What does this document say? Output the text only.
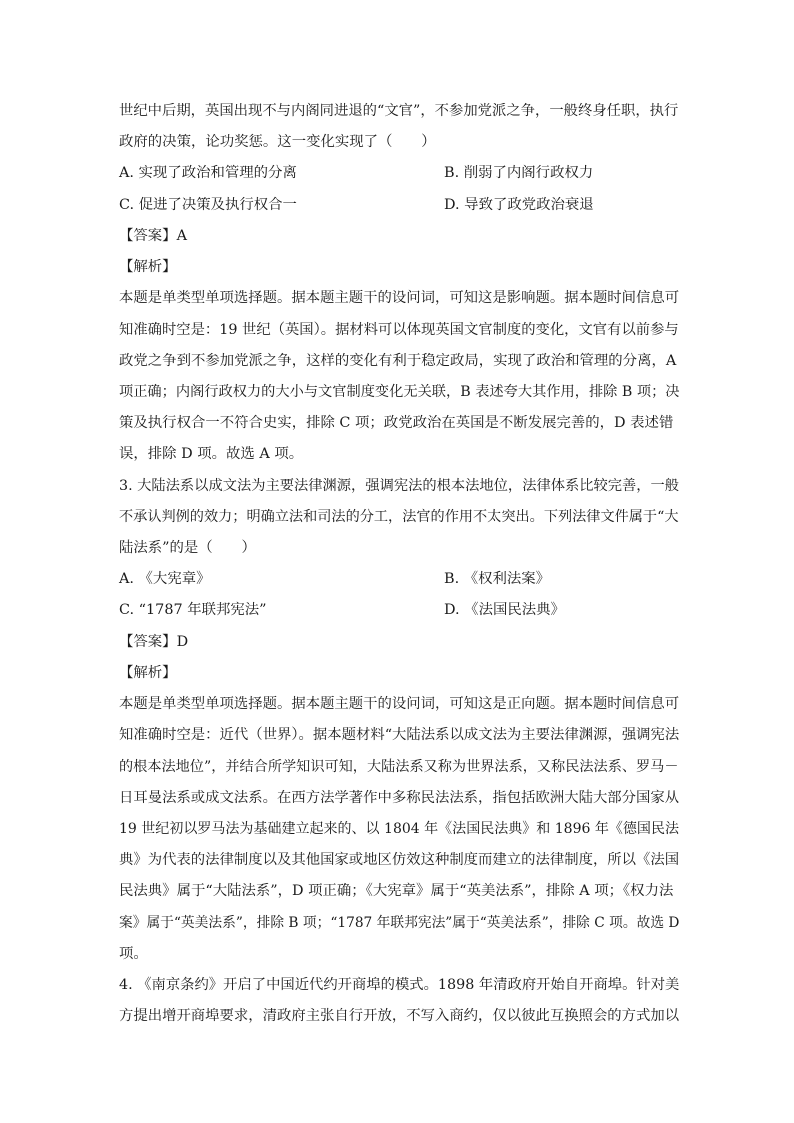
世纪中后期，英国出现不与内阁同进退的“文官”，不参加党派之争，一般终身任职，执行
政府的决策，论功奖惩。这一变化实现了（　　）
A. 实现了政治和管理的分离	B. 削弱了内阁行政权力
C. 促进了决策及执行权合一	D. 导致了政党政治衰退
【答案】A
【解析】
本题是单类型单项选择题。据本题主题干的设问词，可知这是影响题。据本题时间信息可
知准确时空是：19 世纪（英国）。据材料可以体现英国文官制度的变化，文官有以前参与
政党之争到不参加党派之争，这样的变化有利于稳定政局，实现了政治和管理的分离，A
项正确；内阁行政权力的大小与文官制度变化无关联，B 表述夸大其作用，排除 B 项；决
策及执行权合一不符合史实，排除 C 项；政党政治在英国是不断发展完善的，D 表述错
误，排除 D 项。故选 A 项。
3. 大陆法系以成文法为主要法律渊源，强调宪法的根本法地位，法律体系比较完善，一般
不承认判例的效力；明确立法和司法的分工，法官的作用不太突出。下列法律文件属于“大
陆法系”的是（　　）
A. 《大宪章》	B. 《权利法案》
C. “1787 年联邦宪法”	D. 《法国民法典》
【答案】D
【解析】
本题是单类型单项选择题。据本题主题干的设问词，可知这是正向题。据本题时间信息可
知准确时空是：近代（世界）。据本题材料“大陆法系以成文法为主要法律渊源，强调宪法
的根本法地位”，并结合所学知识可知，大陆法系又称为世界法系，又称民法法系、罗马－
日耳曼法系或成文法系。在西方法学著作中多称民法法系，指包括欧洲大陆大部分国家从
19 世纪初以罗马法为基础建立起来的、以 1804 年《法国民法典》和 1896 年《德国民法
典》为代表的法律制度以及其他国家或地区仿效这种制度而建立的法律制度，所以《法国
民法典》属于“大陆法系”，D 项正确；《大宪章》属于“英美法系”，排除 A 项；《权力法
案》属于“英美法系”，排除 B 项；“1787 年联邦宪法”属于“英美法系”，排除 C 项。故选 D
项。
4. 《南京条约》开启了中国近代约开商埠的模式。1898 年清政府开始自开商埠。针对美
方提出增开商埠要求，清政府主张自行开放，不写入商约，仅以彼此互换照会的方式加以
